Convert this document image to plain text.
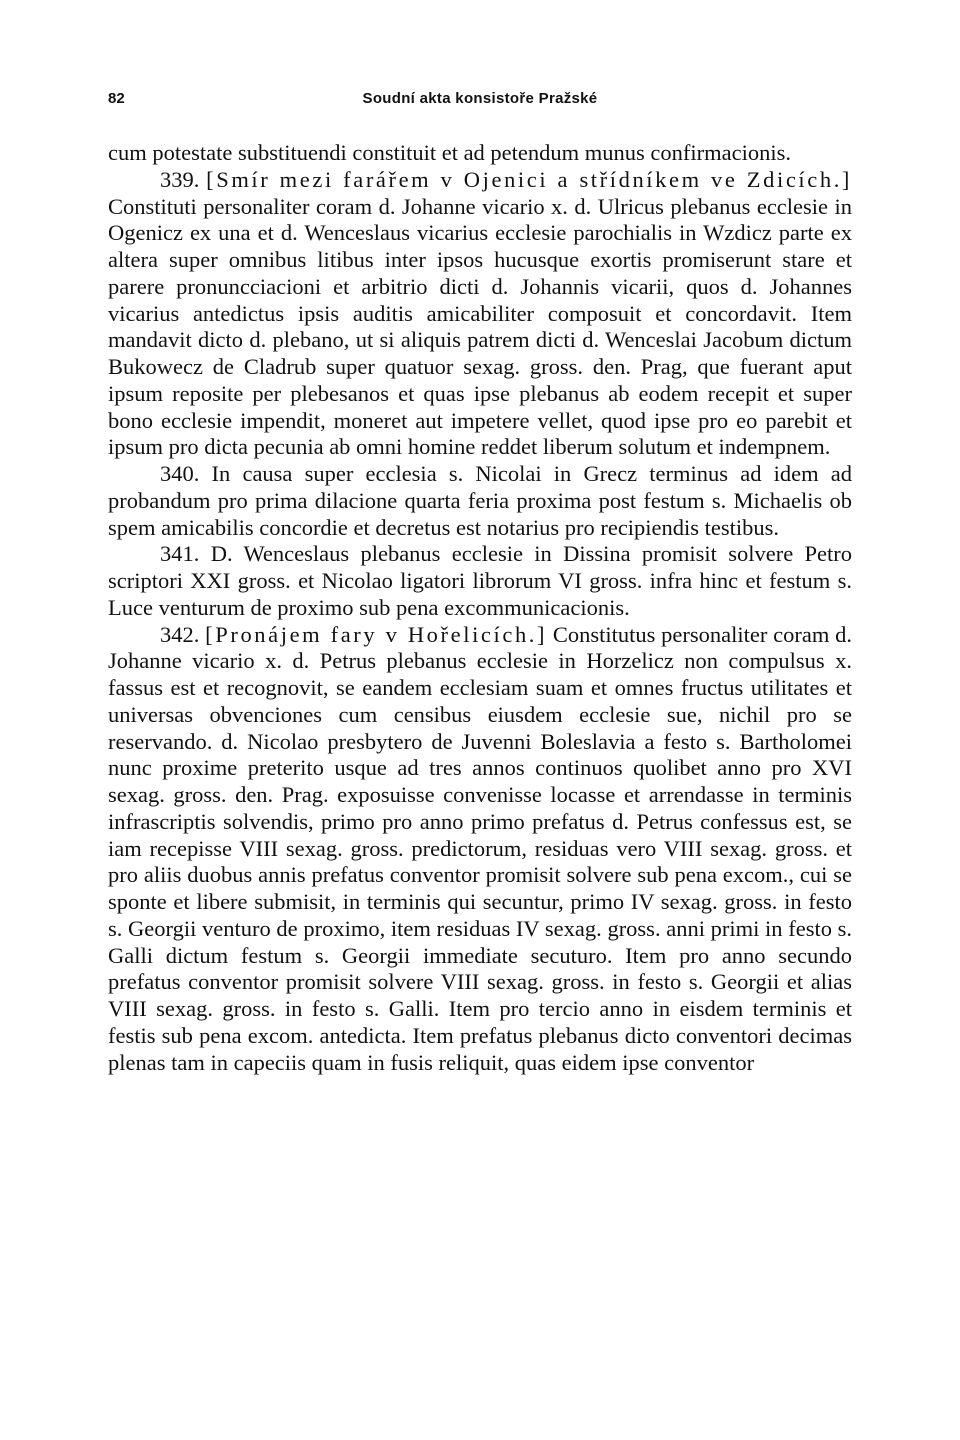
82	Soudní akta konsistoře Pražské

cum potestate substituendi constituit et ad petendum munus confirmacionis.

339. [Smír mezi farářem v Ojenici a střídníkem ve Zdicích.] Constituti personaliter coram d. Johanne vicario x. d. Ulricus plebanus ecclesie in Ogenicz ex una et d. Wenceslaus vicarius ecclesie parochialis in Wzdicz parte ex altera super omnibus litibus inter ipsos hucusque exortis promiserunt stare et parere pronuncciacioni et arbitrio dicti d. Johannis vicarii, quos d. Johannes vicarius antedictus ipsis auditis amicabiliter composuit et concordavit. Item mandavit dicto d. plebano, ut si aliquis patrem dicti d. Wenceslai Jacobum dictum Bukowecz de Cladrub super quatuor sexag. gross. den. Prag, que fuerant aput ipsum reposite per plebesanos et quas ipse plebanus ab eodem recepit et super bono ecclesie impendit, moneret aut impetere vellet, quod ipse pro eo parebit et ipsum pro dicta pecunia ab omni homine reddet liberum solutum et indempnem.

340. In causa super ecclesia s. Nicolai in Grecz terminus ad idem ad probandum pro prima dilacione quarta feria proxima post festum s. Michaelis ob spem amicabilis concordie et decretus est notarius pro recipiendis testibus.

341. D. Wenceslaus plebanus ecclesie in Dissina promisit solvere Petro scriptori XXI gross. et Nicolao ligatori librorum VI gross. infra hinc et festum s. Luce venturum de proximo sub pena excommunicacionis.

342. [Pronájem fary v Hořelicích.] Constitutus personaliter coram d. Johanne vicario x. d. Petrus plebanus ecclesie in Horzelicz non compulsus x. fassus est et recognovit, se eandem ecclesiam suam et omnes fructus utilitates et universas obvenciones cum censibus eiusdem ecclesie sue, nichil pro se reservando. d. Nicolao presbytero de Juvenni Boleslavia a festo s. Bartholomei nunc proxime preterito usque ad tres annos continuos quolibet anno pro XVI sexag. gross. den. Prag. exposuisse convenisse locasse et arrendasse in terminis infrascriptis solvendis, primo pro anno primo prefatus d. Petrus confessus est, se iam recepisse VIII sexag. gross. predictorum, residuas vero VIII sexag. gross. et pro aliis duobus annis prefatus conventor promisit solvere sub pena excom., cui se sponte et libere submisit, in terminis qui secuntur, primo IV sexag. gross. in festo s. Georgii venturo de proximo, item residuas IV sexag. gross. anni primi in festo s. Galli dictum festum s. Georgii immediate secuturo. Item pro anno secundo prefatus conventor promisit solvere VIII sexag. gross. in festo s. Georgii et alias VIII sexag. gross. in festo s. Galli. Item pro tercio anno in eisdem terminis et festis sub pena excom. antedicta. Item prefatus plebanus dicto conventori decimas plenas tam in capeciis quam in fusis reliquit, quas eidem ipse conventor
